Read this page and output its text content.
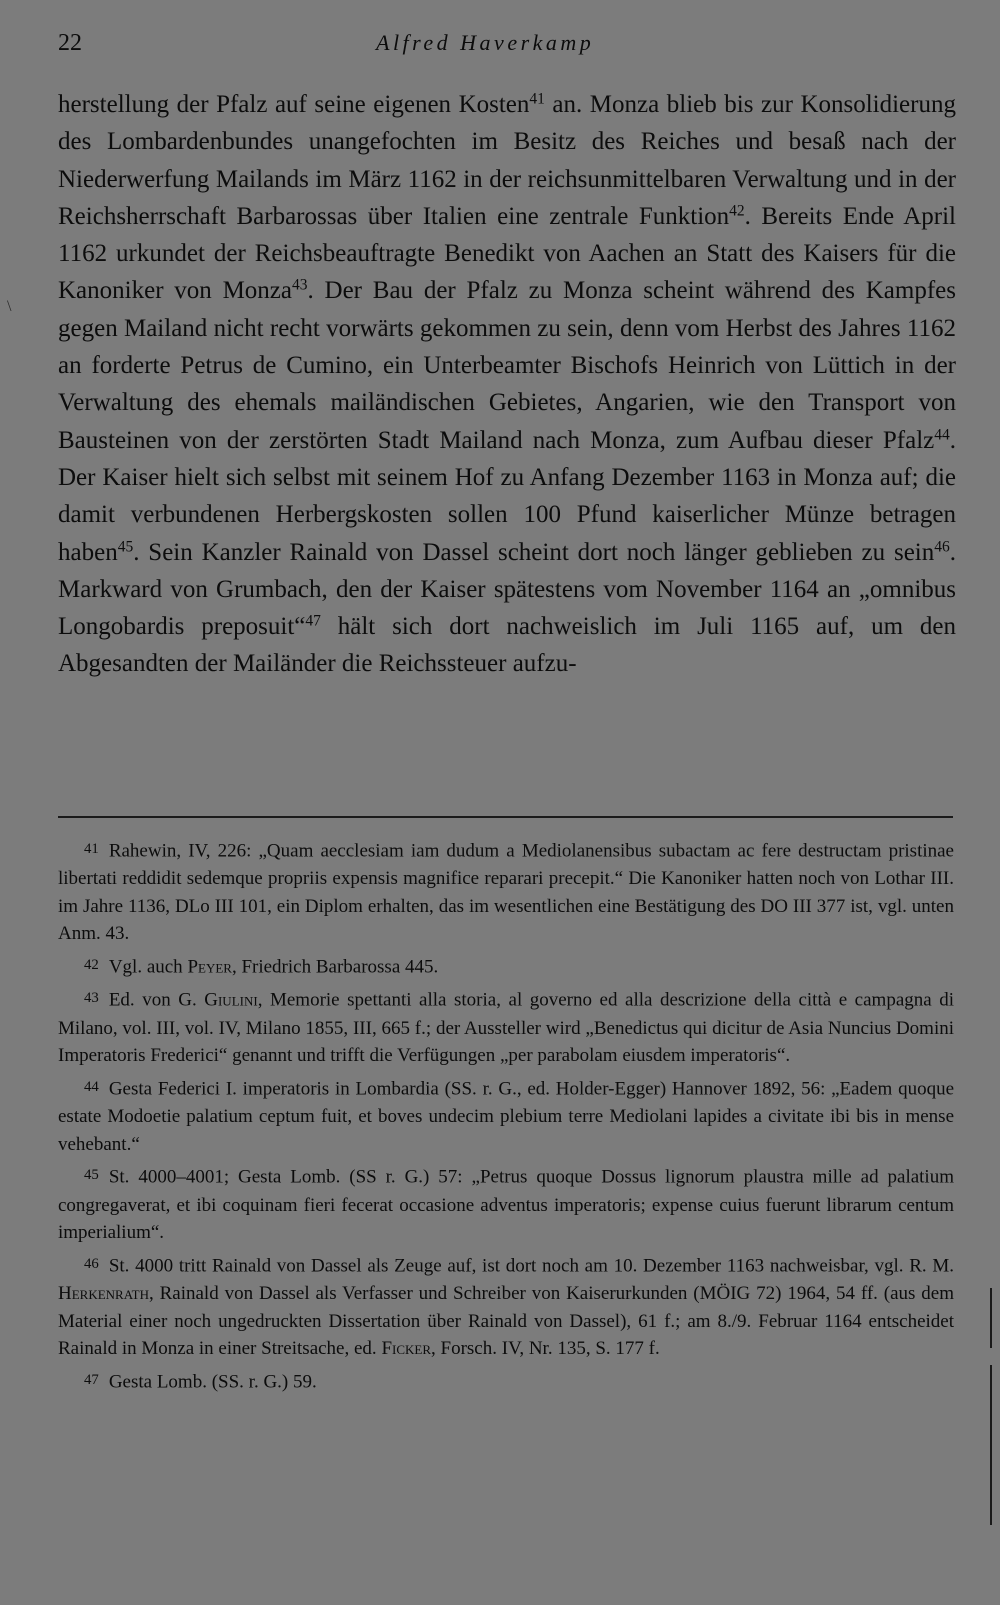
22	Alfred Haverkamp
\

herstellung der Pfalz auf seine eigenen Kosten$^{41}$ an. Monza blieb bis zur Konsolidierung des Lombardenbundes unangefochten im Besitz des Reiches und besaß nach der Niederwerfung Mailands im März 1162 in der reichsunmittelbaren Verwaltung und in der Reichsherrschaft Barbarossas über Italien eine zentrale Funktion$^{42}$. Bereits Ende April 1162 urkundet der Reichsbeauftragte Benedikt von Aachen an Statt des Kaisers für die Kanoniker von Monza$^{43}$. Der Bau der Pfalz zu Monza scheint während des Kampfes gegen Mailand nicht recht vorwärts gekommen zu sein, denn vom Herbst des Jahres 1162 an forderte Petrus de Cumino, ein Unterbeamter Bischofs Heinrich von Lüttich in der Verwaltung des ehemals mailändischen Gebietes, Angarien, wie den Transport von Bausteinen von der zerstörten Stadt Mailand nach Monza, zum Aufbau dieser Pfalz$^{44}$. Der Kaiser hielt sich selbst mit seinem Hof zu Anfang Dezember 1163 in Monza auf; die damit verbundenen Herbergskosten sollen 100 Pfund kaiserlicher Münze betragen haben$^{45}$. Sein Kanzler Rainald von Dassel scheint dort noch länger geblieben zu sein$^{46}$. Markward von Grumbach, den der Kaiser spätestens vom November 1164 an „omnibus Longobardis preposuit“$^{47}$ hält sich dort nachweislich im Juli 1165 auf, um den Abgesandten der Mailänder die Reichssteuer aufzu-

41 Rahewin, IV, 226: „Quam aecclesiam iam dudum a Mediolanensibus subactam ac fere destructam pristinae libertati reddidit sedemque propriis expensis magnifice reparari precepit.“ Die Kanoniker hatten noch von Lothar III. im Jahre 1136, DLo III 101, ein Diplom erhalten, das im wesentlichen eine Bestätigung des DO III 377 ist, vgl. unten Anm. 43.

42 Vgl. auch Peyer, Friedrich Barbarossa 445.

43 Ed. von G. Giulini, Memorie spettanti alla storia, al governo ed alla descrizione della città e campagna di Milano, vol. III, vol. IV, Milano 1855, III, 665 f.; der Aussteller wird „Benedictus qui dicitur de Asia Nuncius Domini Imperatoris Frederici“ genannt und trifft die Verfügungen „per parabolam eiusdem imperatoris“.

44 Gesta Federici I. imperatoris in Lombardia (SS. r. G., ed. Holder-Egger) Hannover 1892, 56: „Eadem quoque estate Modoetie palatium ceptum fuit, et boves undecim plebium terre Mediolani lapides a civitate ibi bis in mense vehebant.“

45 St. 4000–4001; Gesta Lomb. (SS r. G.) 57: „Petrus quoque Dossus lignorum plaustra mille ad palatium congregaverat, et ibi coquinam fieri fecerat occasione adventus imperatoris; expense cuius fuerunt librarum centum imperialium“.

46 St. 4000 tritt Rainald von Dassel als Zeuge auf, ist dort noch am 10. Dezember 1163 nachweisbar, vgl. R. M. Herkenrath, Rainald von Dassel als Verfasser und Schreiber von Kaiserurkunden (MÖIG 72) 1964, 54 ff. (aus dem Material einer noch ungedruckten Dissertation über Rainald von Dassel), 61 f.; am 8./9. Februar 1164 entscheidet Rainald in Monza in einer Streitsache, ed. Ficker, Forsch. IV, Nr. 135, S. 177 f.

47 Gesta Lomb. (SS. r. G.) 59.
